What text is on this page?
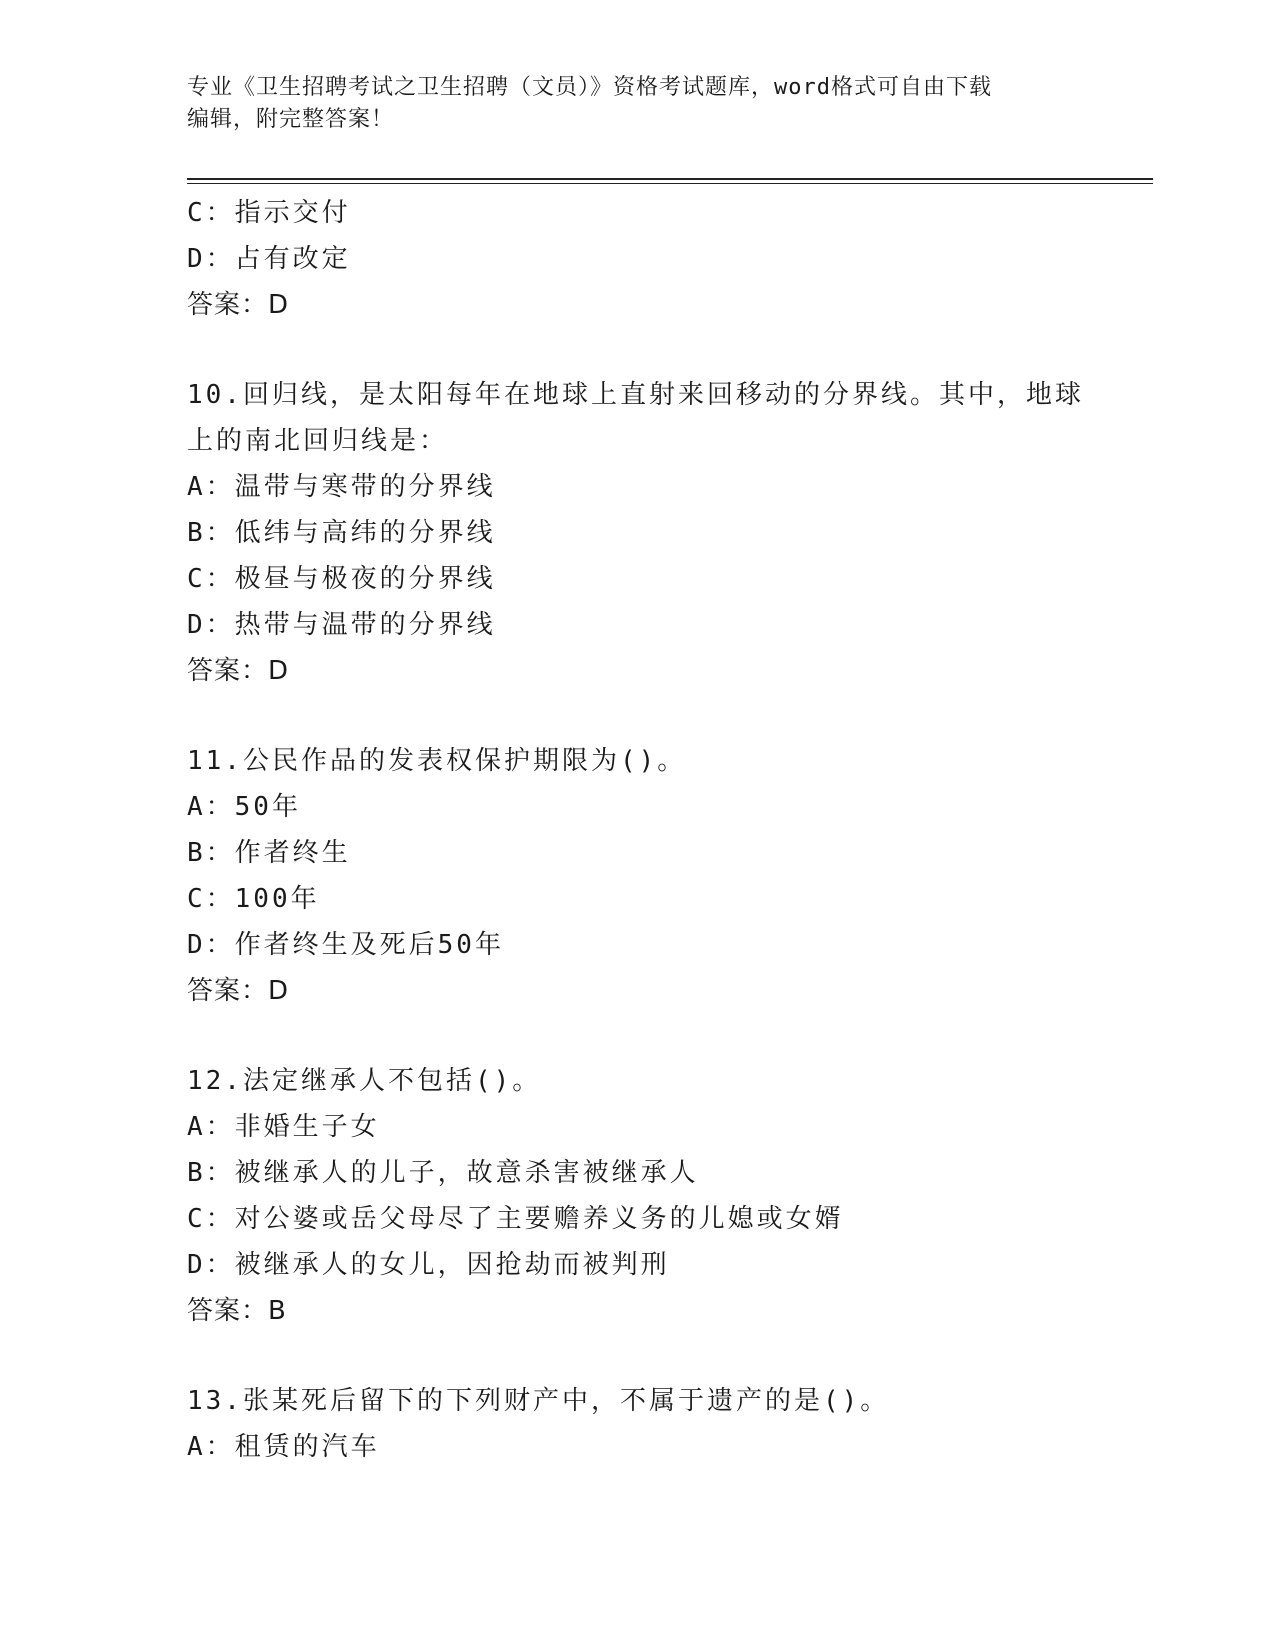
专业《卫生招聘考试之卫生招聘（文员）》资格考试题库，word格式可自由下载
编辑，附完整答案！
C：指示交付
D：占有改定
答案：D
10.回归线，是太阳每年在地球上直射来回移动的分界线。其中，地球
上的南北回归线是：
A：温带与寒带的分界线
B：低纬与高纬的分界线
C：极昼与极夜的分界线
D：热带与温带的分界线
答案：D
11.公民作品的发表权保护期限为()。
A：50年
B：作者终生
C：100年
D：作者终生及死后50年
答案：D
12.法定继承人不包括()。
A：非婚生子女
B：被继承人的儿子，故意杀害被继承人
C：对公婆或岳父母尽了主要赡养义务的儿媳或女婿
D：被继承人的女儿，因抢劫而被判刑
答案：B
13.张某死后留下的下列财产中，不属于遗产的是()。
A：租赁的汽车
